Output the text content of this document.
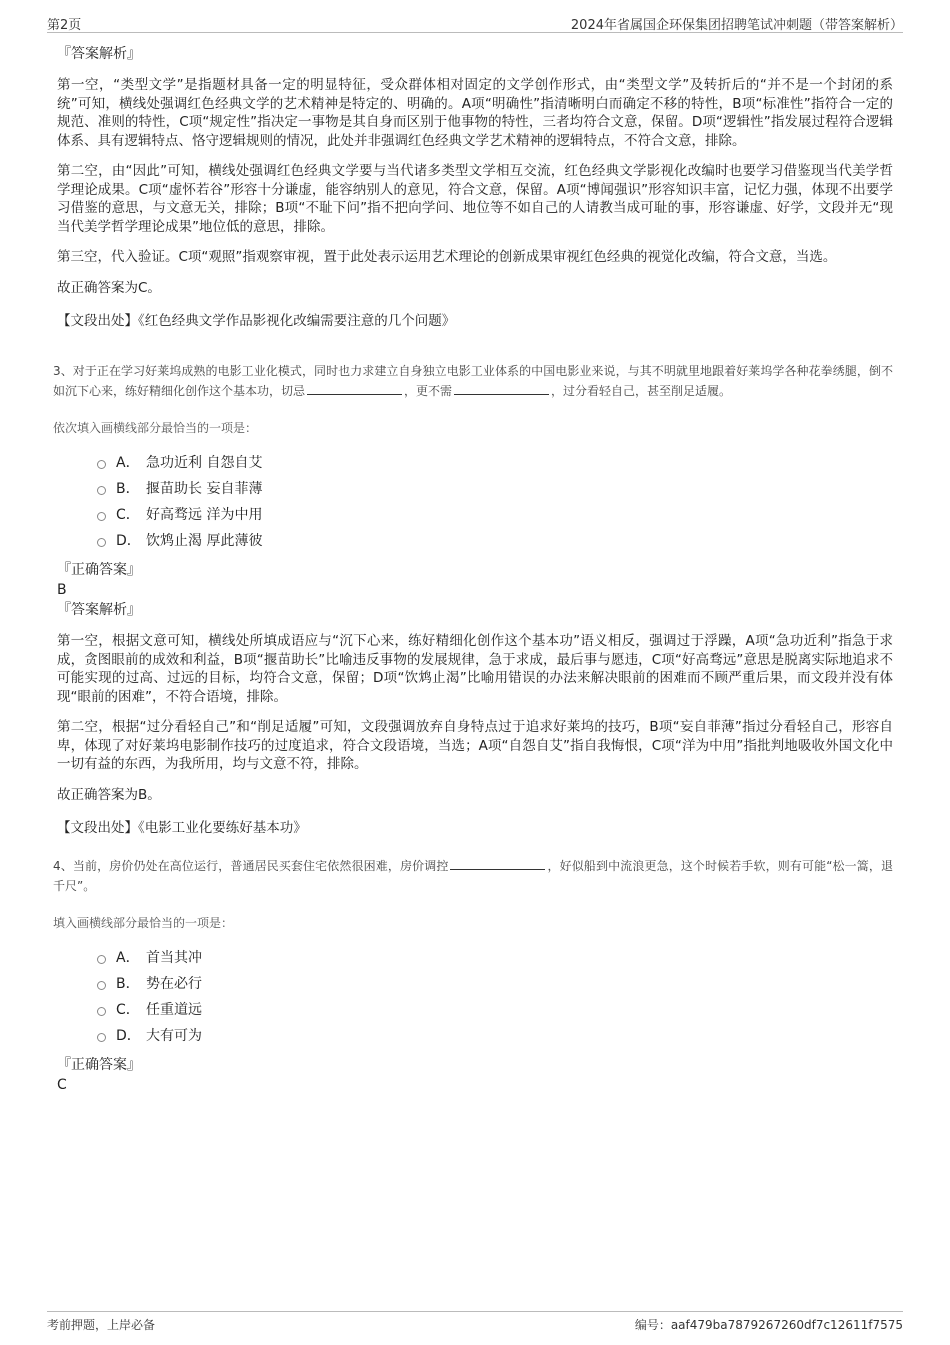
第2页	2024年省属国企环保集团招聘笔试冲刺题（带答案解析）
『答案解析』

第一空，“类型文学”是指题材具备一定的明显特征，受众群体相对固定的文学创作形式，由“类型文学”及转折后的“并不是一个封闭的系统”可知，横线处强调红色经典文学的艺术精神是特定的、明确的。A项“明确性”指清晰明白而确定不移的特性，B项“标准性”指符合一定的规范、准则的特性，C项“规定性”指决定一事物是其自身而区别于他事物的特性，三者均符合文意，保留。D项“逻辑性”指发展过程符合逻辑体系、具有逻辑特点、恪守逻辑规则的情况，此处并非强调红色经典文学艺术精神的逻辑特点，不符合文意，排除。

第二空，由“因此”可知，横线处强调红色经典文学要与当代诸多类型文学相互交流，红色经典文学影视化改编时也要学习借鉴现当代美学哲学理论成果。C项“虚怀若谷”形容十分谦虚，能容纳别人的意见，符合文意，保留。A项“博闻强识”形容知识丰富，记忆力强，体现不出要学习借鉴的意思，与文意无关，排除；B项“不耻下问”指不把向学问、地位等不如自己的人请教当成可耻的事，形容谦虚、好学，文段并无“现当代美学哲学理论成果”地位低的意思，排除。

第三空，代入验证。C项“观照”指观察审视，置于此处表示运用艺术理论的创新成果审视红色经典的视觉化改编，符合文意，当选。

故正确答案为C。

【文段出处】《红色经典文学作品影视化改编需要注意的几个问题》

3、对于正在学习好莱坞成熟的电影工业化模式，同时也力求建立自身独立电影工业体系的中国电影业来说，与其不明就里地跟着好莱坞学各种花拳绣腿，倒不如沉下心来，练好精细化创作这个基本功，切忌	，更不需	，过分看轻自己，甚至削足适履。

依次填入画横线部分最恰当的一项是：
A． 急功近利 自怨自艾
B． 揠苗助长 妄自菲薄
C． 好高骛远 洋为中用
D． 饮鸩止渴 厚此薄彼
『正确答案』
B
『答案解析』

第一空，根据文意可知，横线处所填成语应与“沉下心来，练好精细化创作这个基本功”语义相反，强调过于浮躁，A项“急功近利”指急于求成，贪图眼前的成效和利益，B项“揠苗助长”比喻违反事物的发展规律，急于求成，最后事与愿违，C项“好高骛远”意思是脱离实际地追求不可能实现的过高、过远的目标，均符合文意，保留；D项“饮鸩止渴”比喻用错误的办法来解决眼前的困难而不顾严重后果，而文段并没有体现“眼前的困难”，不符合语境，排除。

第二空，根据“过分看轻自己”和“削足适履”可知，文段强调放弃自身特点过于追求好莱坞的技巧，B项“妄自菲薄”指过分看轻自己，形容自卑，体现了对好莱坞电影制作技巧的过度追求，符合文段语境，当选；A项“自怨自艾”指自我悔恨，C项“洋为中用”指批判地吸收外国文化中一切有益的东西，为我所用，均与文意不符，排除。

故正确答案为B。

【文段出处】《电影工业化要练好基本功》

4、当前，房价仍处在高位运行，普通居民买套住宅依然很困难，房价调控	，好似船到中流浪更急，这个时候若手软，则有可能“松一篙，退千尺”。

填入画横线部分最恰当的一项是：
A． 首当其冲
B． 势在必行
C． 任重道远
D． 大有可为
『正确答案』
C
考前押题，上岸必备	编号：aaf479ba7879267260df7c12611f7575
